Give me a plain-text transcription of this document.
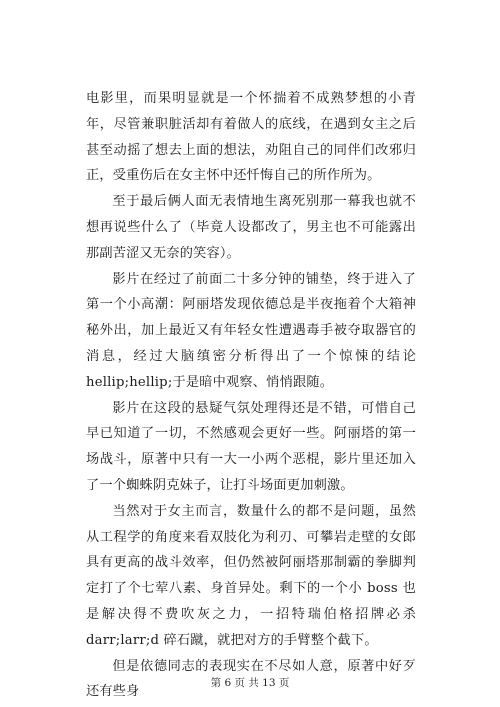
电影里，而果明显就是一个怀揣着不成熟梦想的小青年，尽管兼职脏活却有着做人的底线，在遇到女主之后甚至动摇了想去上面的想法，劝阻自己的同伴们改邪归正，受重伤后在女主怀中还忏悔自己的所作所为。

至于最后俩人面无表情地生离死别那一幕我也就不想再说些什么了（毕竟人设都改了，男主也不可能露出那副苦涩又无奈的笑容）。

影片在经过了前面二十多分钟的铺垫，终于进入了第一个小高潮：阿丽塔发现依德总是半夜拖着个大箱神秘外出，加上最近又有年轻女性遭遇毒手被夺取器官的消息，经过大脑缜密分析得出了一个惊悚的结论 hellip;hellip;于是暗中观察、悄悄跟随。

影片在这段的悬疑气氛处理得还是不错，可惜自己早已知道了一切，不然感观会更好一些。阿丽塔的第一场战斗，原著中只有一大一小两个恶棍，影片里还加入了一个蜘蛛阴克妹子，让打斗场面更加刺激。

当然对于女主而言，数量什么的都不是问题，虽然从工程学的角度来看双肢化为利刃、可攀岩走壁的女郎具有更高的战斗效率，但仍然被阿丽塔那制霸的拳脚判定打了个七荤八素、身首异处。剩下的一个小 boss 也是解决得不费吹灰之力，一招特瑞伯格招牌必杀 darr;larr;d 碎石蹴，就把对方的手臂整个截下。

但是依德同志的表现实在不尽如人意，原著中好歹还有些身

第 6 页 共 13 页
